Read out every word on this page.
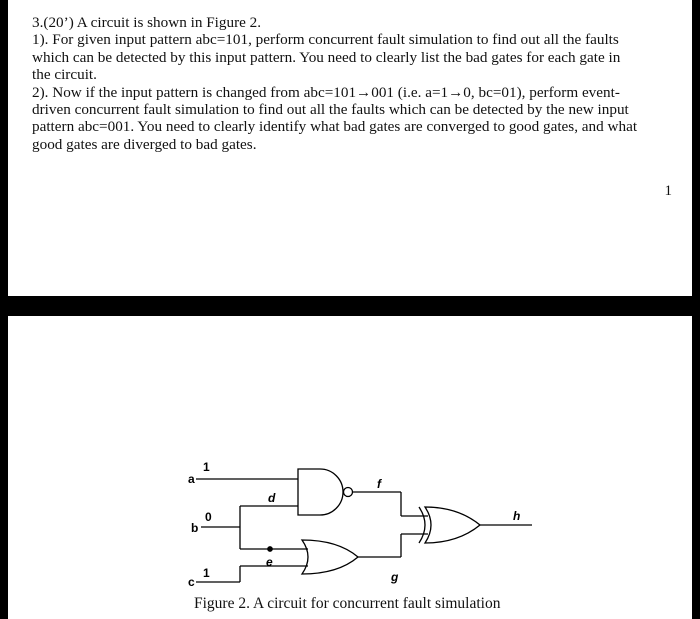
3.(20’) A circuit is shown in Figure 2.
1). For given input pattern abc=101, perform concurrent fault simulation to find out all the faults
which can be detected by this input pattern. You need to clearly list the bad gates for each gate in
the circuit.
2). Now if the input pattern is changed from abc=101→001 (i.e. a=1→0, bc=01), perform event-
driven concurrent fault simulation to find out all the faults which can be detected by the new input
pattern abc=001. You need to clearly identify what bad gates are converged to good gates, and what
good gates are diverged to bad gates.
1
a
1
b
0
c
1
d
e
f
g
h
Figure 2. A circuit for concurrent fault simulation
